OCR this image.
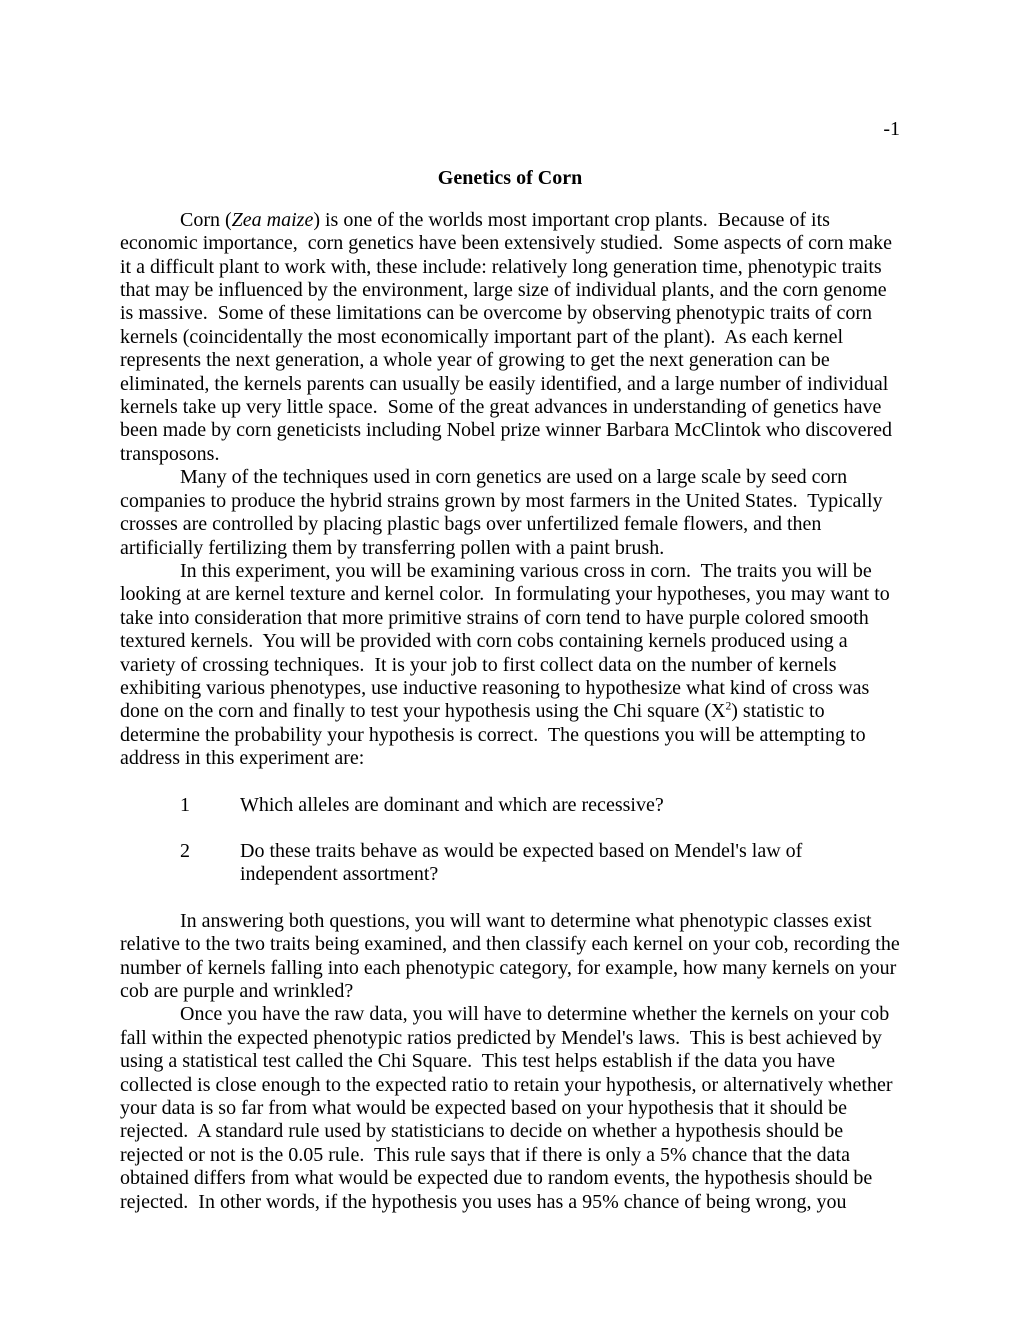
-1
Genetics of Corn

Corn (Zea maize) is one of the worlds most important crop plants.  Because of its economic importance,  corn genetics have been extensively studied.  Some aspects of corn make it a difficult plant to work with, these include: relatively long generation time, phenotypic traits that may be influenced by the environment, large size of individual plants, and the corn genome is massive.  Some of these limitations can be overcome by observing phenotypic traits of corn kernels (coincidentally the most economically important part of the plant).  As each kernel represents the next generation, a whole year of growing to get the next generation can be eliminated, the kernels parents can usually be easily identified, and a large number of individual kernels take up very little space.  Some of the great advances in understanding of genetics have been made by corn geneticists including Nobel prize winner Barbara McClintok who discovered transposons.

Many of the techniques used in corn genetics are used on a large scale by seed corn companies to produce the hybrid strains grown by most farmers in the United States.  Typically crosses are controlled by placing plastic bags over unfertilized female flowers, and then artificially fertilizing them by transferring pollen with a paint brush.

In this experiment, you will be examining various cross in corn.  The traits you will be looking at are kernel texture and kernel color.  In formulating your hypotheses, you may want to take into consideration that more primitive strains of corn tend to have purple colored smooth textured kernels.  You will be provided with corn cobs containing kernels produced using a variety of crossing techniques.  It is your job to first collect data on the number of kernels exhibiting various phenotypes, use inductive reasoning to hypothesize what kind of cross was done on the corn and finally to test your hypothesis using the Chi square $(X^2)$ statistic to determine the probability your hypothesis is correct.  The questions you will be attempting to address in this experiment are:

1	Which alleles are dominant and which are recessive?
2	Do these traits behave as would be expected based on Mendel's law of independent assortment?

In answering both questions, you will want to determine what phenotypic classes exist relative to the two traits being examined, and then classify each kernel on your cob, recording the number of kernels falling into each phenotypic category, for example, how many kernels on your cob are purple and wrinkled?

Once you have the raw data, you will have to determine whether the kernels on your cob fall within the expected phenotypic ratios predicted by Mendel's laws.  This is best achieved by using a statistical test called the Chi Square.  This test helps establish if the data you have collected is close enough to the expected ratio to retain your hypothesis, or alternatively whether your data is so far from what would be expected based on your hypothesis that it should be rejected.  A standard rule used by statisticians to decide on whether a hypothesis should be rejected or not is the 0.05 rule.  This rule says that if there is only a 5% chance that the data obtained differs from what would be expected due to random events, the hypothesis should be rejected.  In other words, if the hypothesis you uses has a 95% chance of being wrong, you
